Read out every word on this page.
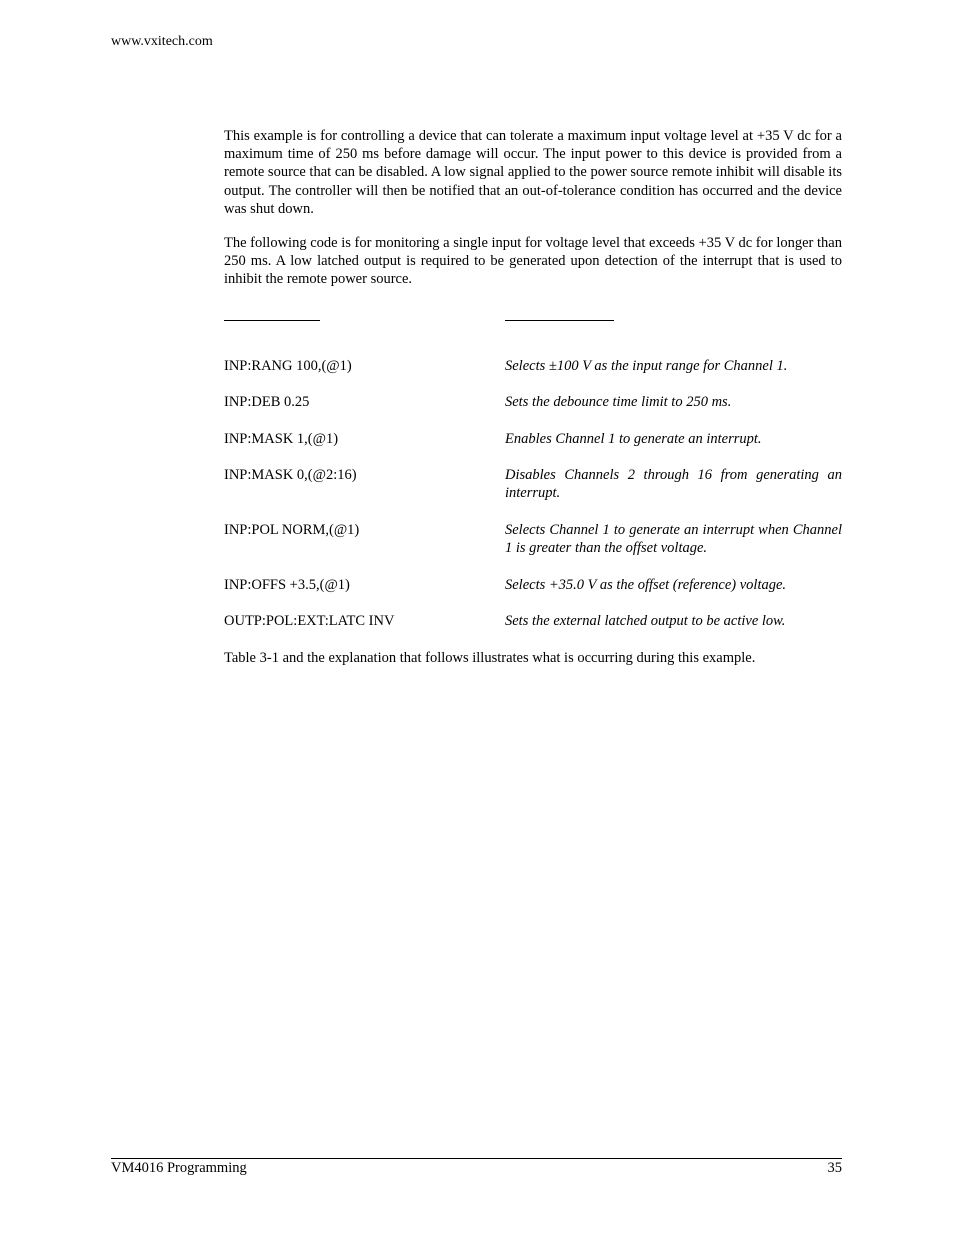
www.vxitech.com

This example is for controlling a device that can tolerate a maximum input voltage level at +35 V dc for a maximum time of 250 ms before damage will occur. The input power to this device is provided from a remote source that can be disabled. A low signal applied to the power source remote inhibit will disable its output. The controller will then be notified that an out-of-tolerance condition has occurred and the device was shut down.

The following code is for monitoring a single input for voltage level that exceeds +35 V dc for longer than 250 ms. A low latched output is required to be generated upon detection of the interrupt that is used to inhibit the remote power source.

INP:RANG 100,(@1)	Selects ±100 V as the input range for Channel 1.
INP:DEB 0.25	Sets the debounce time limit to 250 ms.
INP:MASK 1,(@1)	Enables Channel 1 to generate an interrupt.
INP:MASK 0,(@2:16)	Disables Channels 2 through 16 from generating an interrupt.
INP:POL NORM,(@1)	Selects Channel 1 to generate an interrupt when Channel 1 is greater than the offset voltage.
INP:OFFS +3.5,(@1)	Selects +35.0 V as the offset (reference) voltage.
OUTP:POL:EXT:LATC INV	Sets the external latched output to be active low.
Table 3-1 and the explanation that follows illustrates what is occurring during this example.
VM4016 Programming	35
